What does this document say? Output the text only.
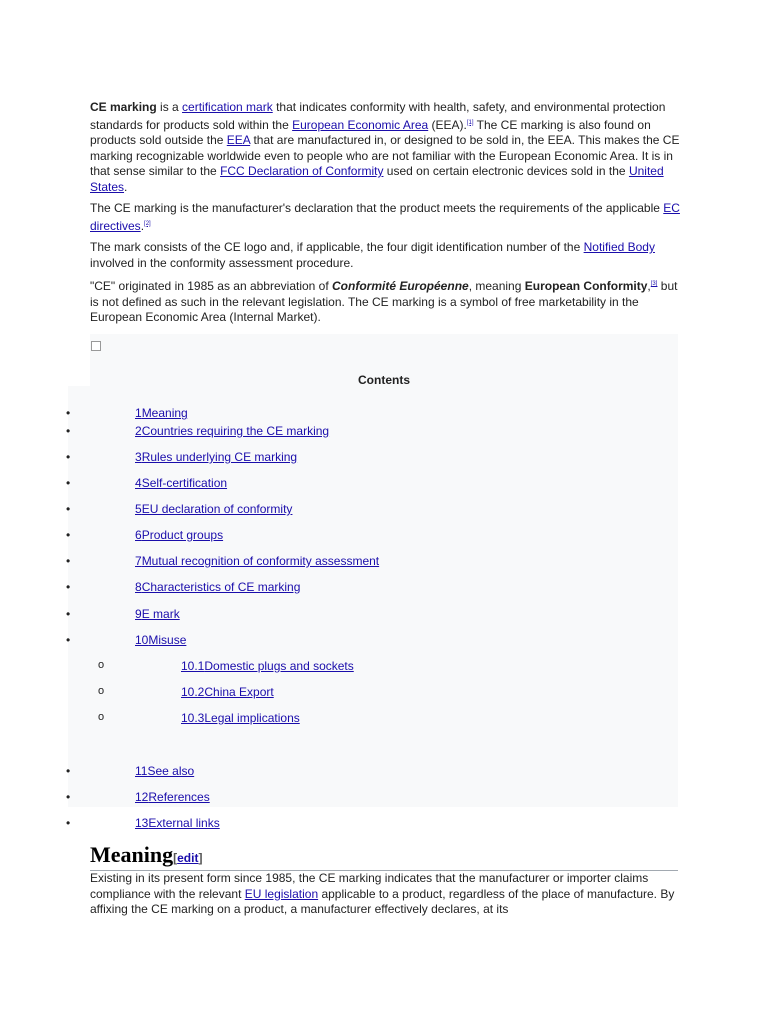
CE marking is a certification mark that indicates conformity with health, safety, and environmental protection standards for products sold within the European Economic Area (EEA).[1] The CE marking is also found on products sold outside the EEA that are manufactured in, or designed to be sold in, the EEA. This makes the CE marking recognizable worldwide even to people who are not familiar with the European Economic Area. It is in that sense similar to the FCC Declaration of Conformity used on certain electronic devices sold in the United States.

The CE marking is the manufacturer's declaration that the product meets the requirements of the applicable EC directives.[2]

The mark consists of the CE logo and, if applicable, the four digit identification number of the Notified Body involved in the conformity assessment procedure.

"CE" originated in 1985 as an abbreviation of Conformité Européenne, meaning European Conformity,[3] but is not defined as such in the relevant legislation. The CE marking is a symbol of free marketability in the European Economic Area (Internal Market).

Contents
•	1Meaning
•	2Countries requiring the CE marking
•	3Rules underlying CE marking
•	4Self-certification
•	5EU declaration of conformity
•	6Product groups
•	7Mutual recognition of conformity assessment
•	8Characteristics of CE marking
•	9E mark
•	10Misuse
o	10.1Domestic plugs and sockets
o	10.2China Export
o	10.3Legal implications
•	11See also
•	12References
•	13External links
Meaning[edit]

Existing in its present form since 1985, the CE marking indicates that the manufacturer or importer claims compliance with the relevant EU legislation applicable to a product, regardless of the place of manufacture. By affixing the CE marking on a product, a manufacturer effectively declares, at its
